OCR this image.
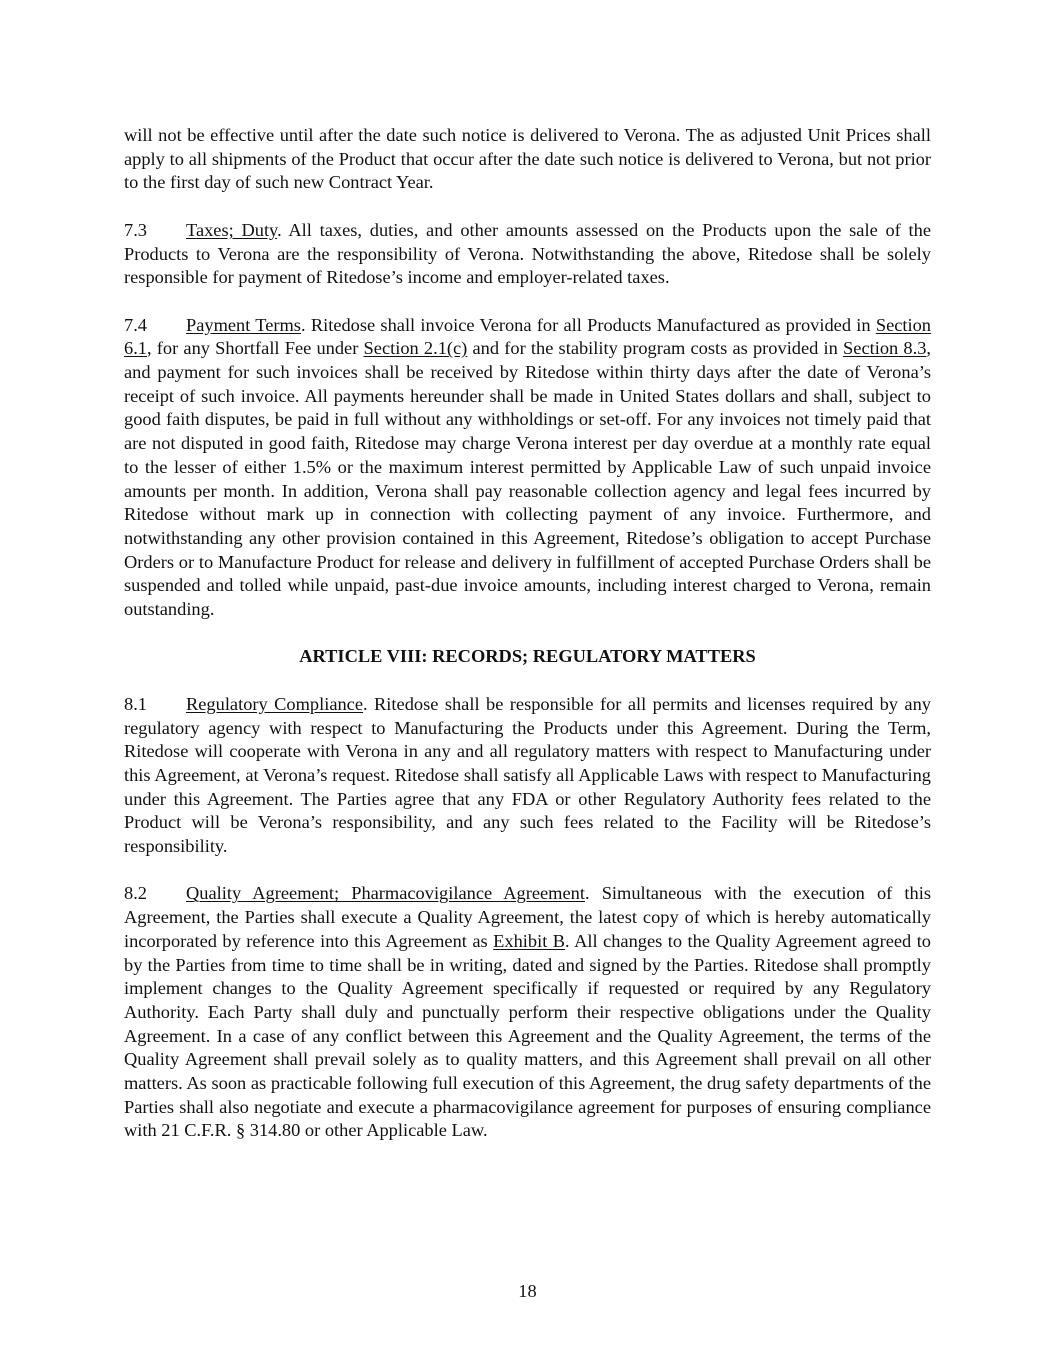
will not be effective until after the date such notice is delivered to Verona. The as adjusted Unit Prices shall apply to all shipments of the Product that occur after the date such notice is delivered to Verona, but not prior to the first day of such new Contract Year.

7.3 Taxes; Duty. All taxes, duties, and other amounts assessed on the Products upon the sale of the Products to Verona are the responsibility of Verona. Notwithstanding the above, Ritedose shall be solely responsible for payment of Ritedose’s income and employer-related taxes.

7.4 Payment Terms. Ritedose shall invoice Verona for all Products Manufactured as provided in Section 6.1, for any Shortfall Fee under Section 2.1(c) and for the stability program costs as provided in Section 8.3, and payment for such invoices shall be received by Ritedose within thirty days after the date of Verona’s receipt of such invoice. All payments hereunder shall be made in United States dollars and shall, subject to good faith disputes, be paid in full without any withholdings or set-off. For any invoices not timely paid that are not disputed in good faith, Ritedose may charge Verona interest per day overdue at a monthly rate equal to the lesser of either 1.5% or the maximum interest permitted by Applicable Law of such unpaid invoice amounts per month. In addition, Verona shall pay reasonable collection agency and legal fees incurred by Ritedose without mark up in connection with collecting payment of any invoice. Furthermore, and notwithstanding any other provision contained in this Agreement, Ritedose’s obligation to accept Purchase Orders or to Manufacture Product for release and delivery in fulfillment of accepted Purchase Orders shall be suspended and tolled while unpaid, past-due invoice amounts, including interest charged to Verona, remain outstanding.

ARTICLE VIII: RECORDS; REGULATORY MATTERS

8.1 Regulatory Compliance. Ritedose shall be responsible for all permits and licenses required by any regulatory agency with respect to Manufacturing the Products under this Agreement. During the Term, Ritedose will cooperate with Verona in any and all regulatory matters with respect to Manufacturing under this Agreement, at Verona’s request. Ritedose shall satisfy all Applicable Laws with respect to Manufacturing under this Agreement. The Parties agree that any FDA or other Regulatory Authority fees related to the Product will be Verona’s responsibility, and any such fees related to the Facility will be Ritedose’s responsibility.

8.2 Quality Agreement; Pharmacovigilance Agreement. Simultaneous with the execution of this Agreement, the Parties shall execute a Quality Agreement, the latest copy of which is hereby automatically incorporated by reference into this Agreement as Exhibit B. All changes to the Quality Agreement agreed to by the Parties from time to time shall be in writing, dated and signed by the Parties. Ritedose shall promptly implement changes to the Quality Agreement specifically if requested or required by any Regulatory Authority. Each Party shall duly and punctually perform their respective obligations under the Quality Agreement. In a case of any conflict between this Agreement and the Quality Agreement, the terms of the Quality Agreement shall prevail solely as to quality matters, and this Agreement shall prevail on all other matters. As soon as practicable following full execution of this Agreement, the drug safety departments of the Parties shall also negotiate and execute a pharmacovigilance agreement for purposes of ensuring compliance with 21 C.F.R. § 314.80 or other Applicable Law.

18
